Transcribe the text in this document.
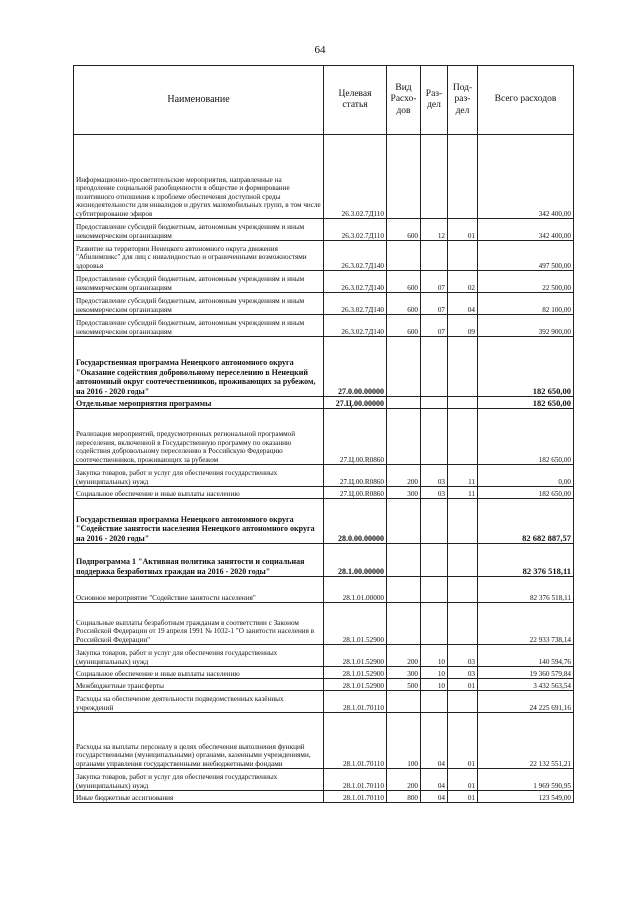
64
Наименование	Целевая статья	Вид Расхо-дов	Раз-дел	Под-раз-дел	Всего расходов
Информационно-просветительские мероприятия, направленные на преодоление социальной разобщенности в обществе и формирование позитивного отношения к проблеме обеспечения доступной среды жизнедеятельности для инвалидов и других маломобильных групп, в том числе субтитрирование эфиров	26.3.02.7Д110				342 400,00
Предоставление субсидий бюджетным, автономным учреждениям и иным некоммерческим организациям	26.3.02.7Д110	600	12	01	342 400,00
Развитие на территории Ненецкого автономного округа движения "Абилимпикс" для лиц с инвалидностью и ограниченными возможностями здоровья	26.3.02.7Д140				497 500,00
Предоставление субсидий бюджетным, автономным учреждениям и иным некоммерческим организациям	26.3.02.7Д140	600	07	02	22 500,00
Предоставление субсидий бюджетным, автономным учреждениям и иным некоммерческим организациям	26.3.02.7Д140	600	07	04	82 100,00
Предоставление субсидий бюджетным, автономным учреждениям и иным некоммерческим организациям	26.3.02.7Д140	600	07	09	392 900,00
Государственная программа Ненецкого автономного округа "Оказание содействия добровольному переселению в Ненецкий автономный округ соотечественников, проживающих за рубежом, на 2016 - 2020 годы"	27.0.00.00000				182 650,00
Отдельные мероприятия программы	27.Ц.00.00000				182 650,00
Реализация мероприятий, предусмотренных региональной программой переселения, включенной в Государственную программу по оказанию содействия добровольному переселению в Российскую Федерацию соотечественников, проживающих за рубежом	27.Ц.00.R0860				182 650,00
Закупка товаров, работ и услуг для обеспечения государственных (муниципальных) нужд	27.Ц.00.R0860	200	03	11	0,00
Социальное обеспечение и иные выплаты населению	27.Ц.00.R0860	300	03	11	182 650,00
Государственная программа Ненецкого автономного округа "Содействие занятости населения Ненецкого автономного округа на 2016 - 2020 годы"	28.0.00.00000				82 682 887,57
Подпрограмма 1 "Активная политика занятости и социальная поддержка безработных граждан на 2016 - 2020 годы"	28.1.00.00000				82 376 518,11
Основное мероприятие "Содействие занятости населения"	28.1.01.00000				82 376 518,11
Социальные выплаты безработным гражданам в соответствии с Законом Российской Федерации от 19 апреля 1991 № 1032-1 "О занятости населения в Российской Федерации"	28.1.01.52900				22 933 738,14
Закупка товаров, работ и услуг для обеспечения государственных (муниципальных) нужд	28.1.01.52900	200	10	03	140 594,76
Социальное обеспечение и иные выплаты населению	28.1.01.52900	300	10	03	19 360 579,84
Межбюджетные трансферты	28.1.01.52900	500	10	01	3 432 563,54
Расходы на обеспечение деятельности подведомственных казённых учреждений	28.1.01.70110				24 225 691,16
Расходы на выплаты персоналу в целях обеспечения выполнения функций государственными (муниципальными) органами, казенными учреждениями, органами управления государственными внебюджетными фондами	28.1.01.70110	100	04	01	22 132 551,21
Закупка товаров, работ и услуг для обеспечения государственных (муниципальных) нужд	28.1.01.70110	200	04	01	1 969 590,95
Иные бюджетные ассигнования	28.1.01.70110	800	04	01	123 549,00
